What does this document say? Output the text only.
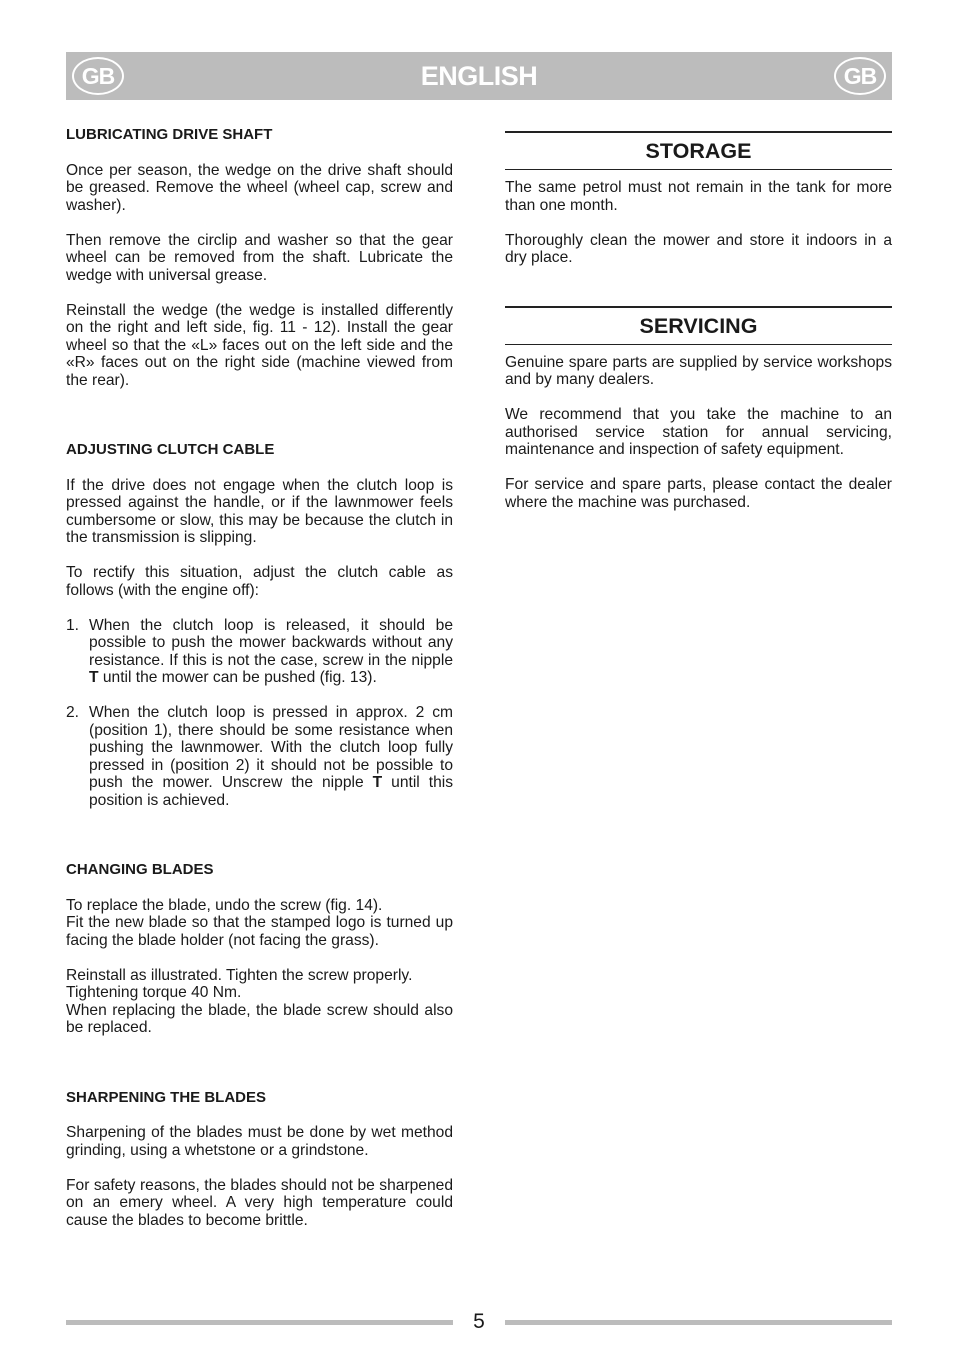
GB	ENGLISH	GB

LUBRICATING DRIVE SHAFT

Once per season, the wedge on the drive shaft should be greased. Remove the wheel (wheel cap, screw and washer).

Then remove the circlip and washer so that the gear wheel can be removed from the shaft. Lubricate the wedge with universal grease.

Reinstall the wedge (the wedge is installed differently on the right and left side, fig. 11 - 12). Install the gear wheel so that the «L» faces out on the left side and the «R» faces out on the right side (machine viewed from the rear).

ADJUSTING CLUTCH CABLE

If the drive does not engage when the clutch loop is pressed against the handle, or if the lawnmower feels cumbersome or slow, this may be because the clutch in the transmission is slipping.

To rectify this situation, adjust the clutch cable as follows (with the engine off):

1. When the clutch loop is released, it should be possible to push the mower backwards without any resistance. If this is not the case, screw in the nipple T until the mower can be pushed (fig. 13).
2. When the clutch loop is pressed in approx. 2 cm (position 1), there should be some resistance when pushing the lawnmower. With the clutch loop fully pressed in (position 2) it should not be possible to push the mower. Unscrew the nipple T until this position is achieved.

CHANGING BLADES

To replace the blade, undo the screw (fig. 14).

Fit the new blade so that the stamped logo is turned up facing the blade holder (not facing the grass).

Reinstall as illustrated. Tighten the screw properly.

Tightening torque 40 Nm.

When replacing the blade, the blade screw should also be replaced.

SHARPENING THE BLADES

Sharpening of the blades must be done by wet method grinding, using a whetstone or a grindstone.

For safety reasons, the blades should not be sharpened on an emery wheel. A very high temperature could cause the blades to become brittle.

STORAGE

The same petrol must not remain in the tank for more than one month.

Thoroughly clean the mower and store it indoors in a dry place.

SERVICING

Genuine spare parts are supplied by service workshops and by many dealers.

We recommend that you take the machine to an authorised service station for annual servicing, maintenance and inspection of safety equipment.

For service and spare parts, please contact the dealer where the machine was purchased.

5
